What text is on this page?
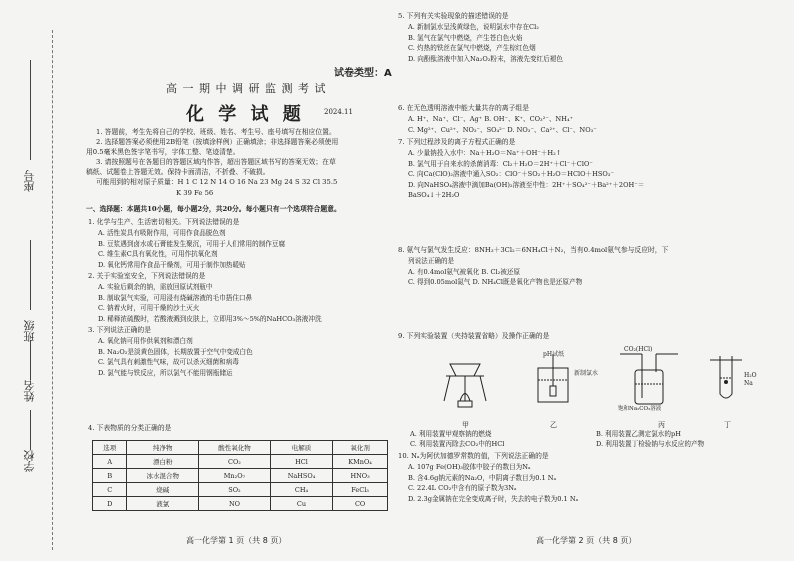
座号
班级
姓名
学校
试卷类型：A
高 一 期 中 调 研 监 测 考 试
化 学 试 题	2024.11
1. 答题前，考生先将自己的学校、班级、姓名、考生号、座号填写在相应位置。
2. 选择题答案必须使用2B铅笔（按填涂样例）正确填涂；非选择题答案必须使用
用0.5毫米黑色签字笔书写，字体工整、笔迹清楚。
3. 请按照题号在各题目的答题区域内作答，超出答题区域书写的答案无效；在草
稿纸、试题卷上答题无效。保持卡面清洁，不折叠、不破损。
可能用到的相对原子质量：H 1 C 12 N 14 O 16 Na 23 Mg 24 S 32 Cl 35.5
K 39 Fe 56
一、选择题：本题共10小题，每小题2分，共20分。每小题只有一个选项符合题意。
1. 化学与生产、生活密切相关。下列说法错误的是
A. 活性炭具有吸附作用，可用作食品脱色剂
B. 豆浆遇到卤水或石膏能发生聚沉，可用于人们常用的制作豆腐
C. 维生素C具有氧化性，可用作抗氧化剂
D. 氧化钙常用作食品干燥剂，可用于制作加热暖贴
2. 关于实验室安全，下列说法错误的是
A. 实验后剩余的钠，需放回原试剂瓶中
B. 制取氯气实验，可用浸有烧碱溶液的毛巾捂住口鼻
C. 钠着火时，可用干燥的沙土灭火
D. 稀释浓硫酸时，若酸液溅到皮肤上，立即用3%～5%的NaHCO₃溶液冲洗
3. 下列说法正确的是
A. 氧化钠可用作供氧剂和漂白剂
B. Na₂O₂是淡黄色固体，长期放置于空气中变成白色
C. 氯气具有刺激性气味，故可以杀灭细菌和病毒
D. 氯气能与铁反应，所以氯气不能用钢瓶储运
4. 下表物质的分类正确的是
选项	纯净物	酸性氧化物	电解质	氧化剂
A	漂白粉	CO₂	HCl	KMnO₄
B	冰水混合物	Mn₂O₇	NaHSO₄	HNO₃
C	烧碱	SO₂	CH₄	FeCl₃
D	液氯	NO	Cu	CO
高一化学第 1 页（共 8 页）
5. 下列有关实验现象的描述错误的是
A. 新制氯水呈浅黄绿色，说明氯水中存在Cl₂
B. 氢气在氯气中燃烧，产生苍白色火焰
C. 灼热的铁丝在氯气中燃烧，产生棕红色烟
D. 向酚酞溶液中加入Na₂O₂粉末，溶液先变红后褪色
6. 在无色透明溶液中能大量共存的离子组是
A. H⁺、Na⁺、Cl⁻、Ag⁺ B. OH⁻、K⁺、CO₃²⁻、NH₄⁺
C. Mg²⁺、Cu²⁺、NO₃⁻、SO₄²⁻ D. NO₃⁻、Ca²⁺、Cl⁻、NO₃⁻
7. 下列过程涉及的离子方程式正确的是
A. 少量钠投入水中：Na＋H₂O＝Na⁺＋OH⁻＋H₂↑
B. 氯气用于自来水的杀菌消毒：Cl₂＋H₂O＝2H⁺＋Cl⁻＋ClO⁻
C. 向Ca(ClO)₂溶液中通入SO₂：ClO⁻＋SO₂＋H₂O＝HClO＋HSO₃⁻
D. 向NaHSO₄溶液中滴加Ba(OH)₂溶液至中性：2H⁺＋SO₄²⁻＋Ba²⁺＋2OH⁻＝
BaSO₄↓＋2H₂O
8. 氨气与氯气发生反应：8NH₃＋3Cl₂＝6NH₄Cl＋N₂，当有0.4mol氨气参与反应时，下
列说法正确的是
A. 有0.4mol氨气被氧化 B. Cl₂被还原
C. 得到0.05mol氮气 D. NH₄Cl既是氧化产物也是还原产物
9. 下列实验装置（夹持装置省略）及操作正确的是
10. Nₐ为阿伏加德罗常数的值，下列说法正确的是
A. 107g Fe(OH)₃胶体中胶子的数目为Nₐ
B. 含4.6g钠元素的Na₂O，中阴离子数目为0.1 Nₐ
C. 22.4L CO₂中含有的原子数为3Nₐ
D. 2.3g金属钠在完全变成离子时，失去的电子数为0.1 Nₐ
pH试纸
新制氯水
CO₂(HCl)
饱和Na₂CO₃溶液
H₂O
Na
甲	乙	丙	丁
A. 利用装置甲观察钠的燃烧	B. 利用装置乙测定氯水的pH
C. 利用装置丙除去CO₂中的HCl	D. 利用装置丁检验钠与水反应的产物
高一化学第 2 页（共 8 页）
